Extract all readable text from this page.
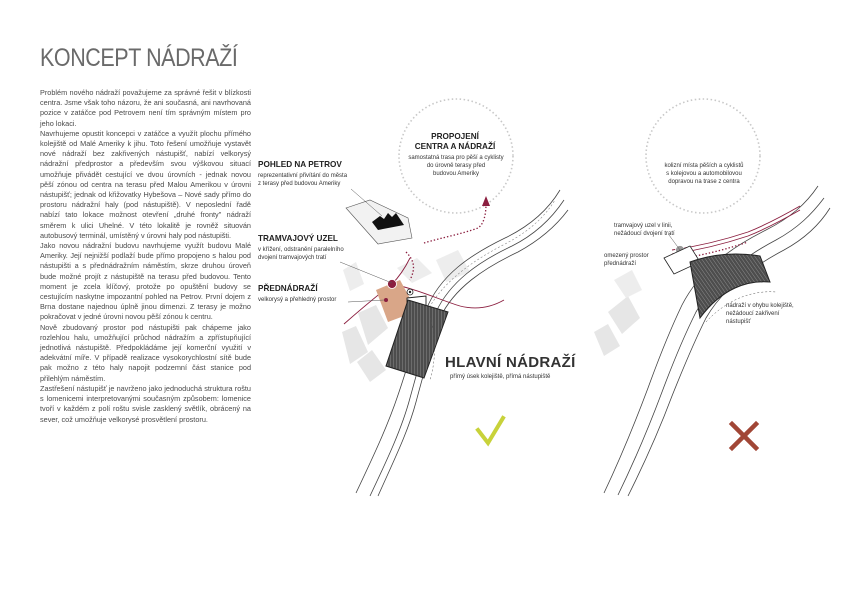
KONCEPT NÁDRAŽÍ

Problém nového nádraží považujeme za správné řešit v blízkosti centra. Jsme však toho názoru, že ani současná, ani navrhovaná pozice v zatáčce pod Petrovem není tím správným místem pro jeho lokaci.

Navrhujeme opustit koncepci v zatáčce a využít plochu přímého kolejiště od Malé Ameriky k jihu. Toto řešení umožňuje vystavět nové nádraží bez zakřivených nástupišť, nabízí velkorysý nádražní předprostor a především svou výškovou situací umožňuje přivádět cestující ve dvou úrovních - jednak novou pěší zónou od centra na terasu před Malou Amerikou v úrovni nástupišť; jednak od křižovatky Hybešova – Nové sady přímo do prostoru nádražní haly (pod nástupiště). V neposlední řadě nabízí tato lokace možnost otevření „druhé fronty" nádraží směrem k ulici Uhelné. V této lokalitě je rovněž situován autobusový terminál, umístěný v úrovni haly pod nástupišti.

Jako novou nádražní budovu navrhujeme využít budovu Malé Ameriky. Její nejnižší podlaží bude přímo propojeno s halou pod nástupišti a s přednádražním náměstím, skrze druhou úroveň bude možné projít z nástupiště na terasu před budovou. Tento moment je zcela klíčový, protože po opuštění budovy se cestujícím naskytne impozantní pohled na Petrov. První dojem z Brna dostane najednou úplně jinou dimenzi. Z terasy je možno pokračovat v jedné úrovni novou pěší zónou k centru.

Nově zbudovaný prostor pod nástupišti pak chápeme jako rozlehlou halu, umožňující průchod nádražím a zpřístupňující jednotlivá nástupiště. Předpokládáme její komerční využití v adekvátní míře. V případě realizace vysokorychlostní sítě bude pak možno z této haly napojit podzemní část stanice pod přilehlým náměstím.

Zastřešení nástupišť je navrženo jako jednoduchá struktura roštu s lomenicemi interpretovanými současným způsobem: lomenice tvoří v každém z polí roštu svisle zasklený světlík, obrácený na sever, což umožňuje velkorysé prosvětlení prostoru.

PROPOJENÍ
CENTRA A NÁDRAŽÍ
samostatná trasa pro pěší a cyklisty
do úrovně terasy před
budovou Ameriky
POHLED NA PETROV
reprezentativní přivítání do města
z terasy před budovou Ameriky
TRAMVAJOVÝ UZEL
v křížení, odstranění paralelního
dvojení tramvajových tratí
PŘEDNÁDRAŽÍ
velkorysý a přehledný prostor
HLAVNÍ NÁDRAŽÍ
přímý úsek kolejiště, přímá nástupiště
kolizní místa pěších a cyklistů
s kolejovou a automobilovou
dopravou na trase z centra
tramvajový uzel v linii,
nežádoucí dvojení tratí
omezený prostor
přednádraží
nádraží v ohybu kolejiště,
nežádoucí zakřivení
nástupišť
